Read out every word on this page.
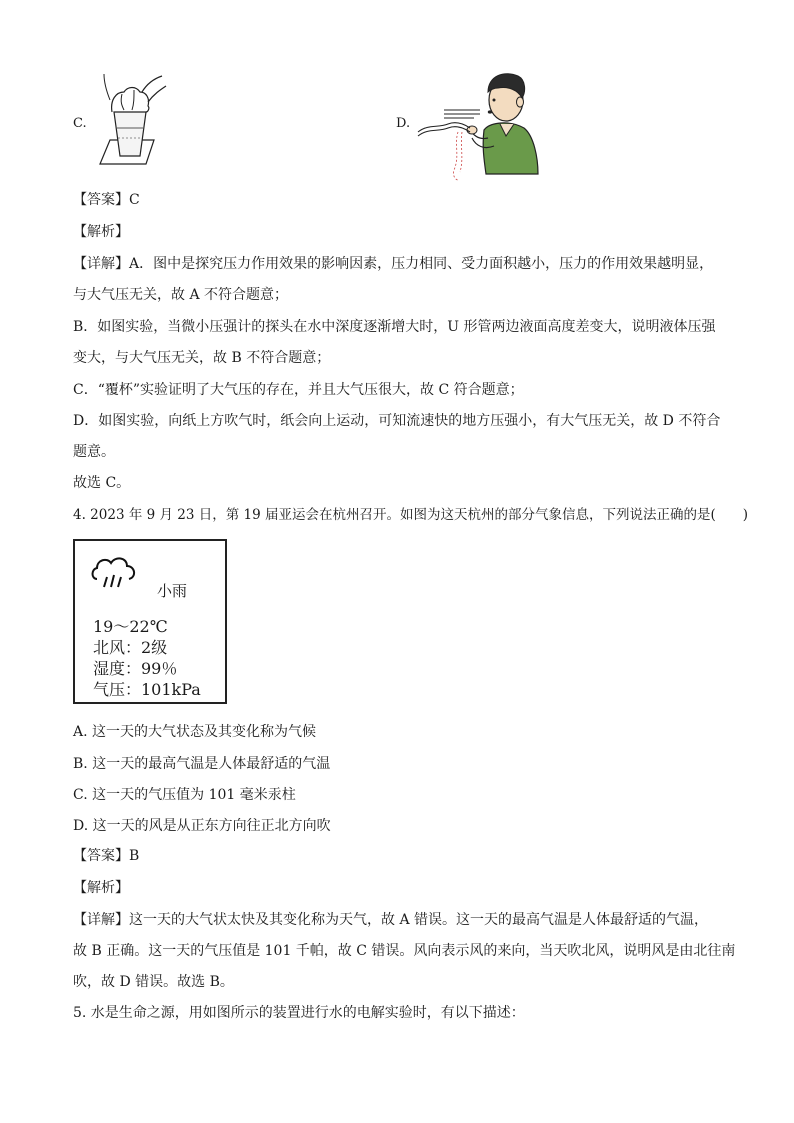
C.	D.
【答案】C
【解析】
【详解】A．图中是探究压力作用效果的影响因素，压力相同、受力面积越小，压力的作用效果越明显，
与大气压无关，故 A 不符合题意；
B．如图实验，当微小压强计的探头在水中深度逐渐增大时，U 形管两边液面高度差变大，说明液体压强
变大，与大气压无关，故 B 不符合题意；
C．“覆杯”实验证明了大气压的存在，并且大气压很大，故 C 符合题意；
D．如图实验，向纸上方吹气时，纸会向上运动，可知流速快的地方压强小，有大气压无关，故 D 不符合
题意。
故选 C。
4. 2023 年 9 月 23 日，第 19 届亚运会在杭州召开。如图为这天杭州的部分气象信息，下列说法正确的是(　　)
小雨
19～22℃
北风：2级
湿度：99％
气压：101kPa
A. 这一天的大气状态及其变化称为气候
B. 这一天的最高气温是人体最舒适的气温
C. 这一天的气压值为 101 毫米汞柱
D. 这一天的风是从正东方向往正北方向吹
【答案】B
【解析】
【详解】这一天的大气状太快及其变化称为天气，故 A 错误。这一天的最高气温是人体最舒适的气温，
故 B 正确。这一天的气压值是 101 千帕，故 C 错误。风向表示风的来向，当天吹北风，说明风是由北往南
吹，故 D 错误。故选 B。
5. 水是生命之源，用如图所示的装置进行水的电解实验时，有以下描述：
